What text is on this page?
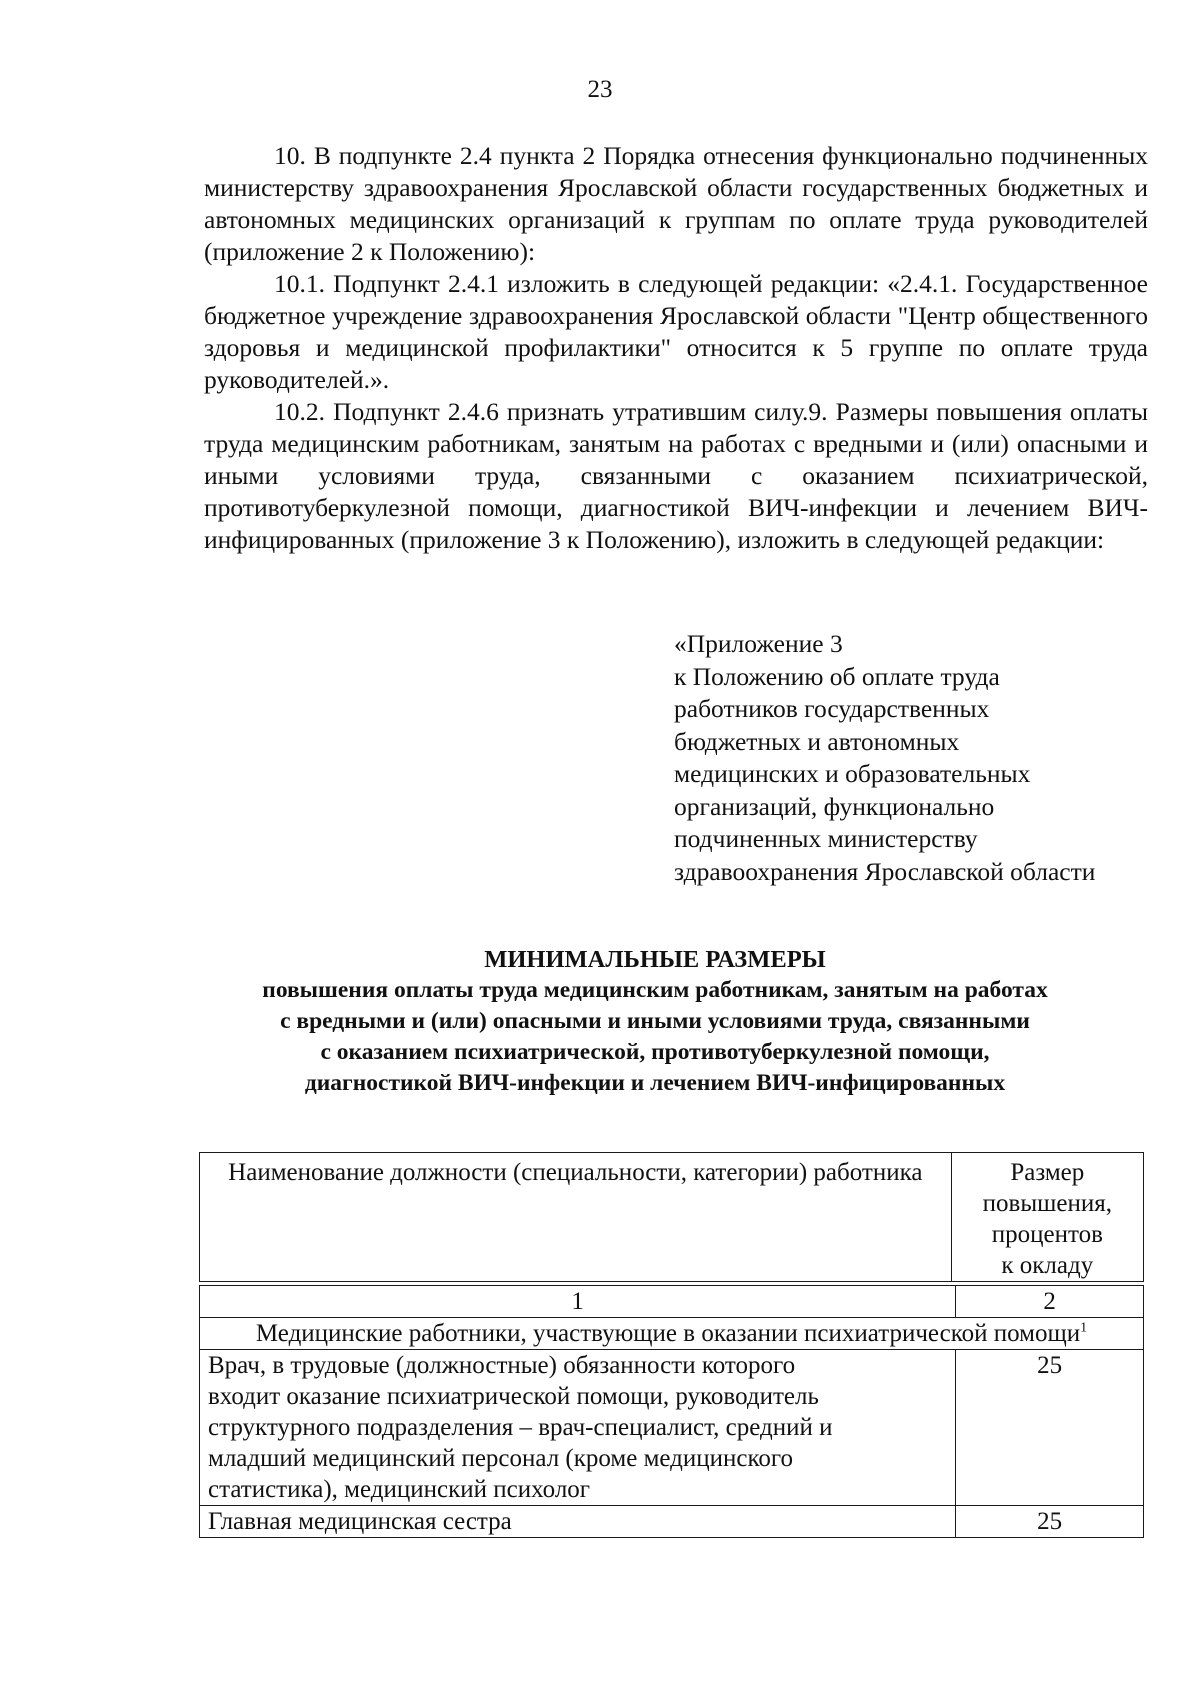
23

10. В подпункте 2.4 пункта 2 Порядка отнесения функционально подчиненных министерству здравоохранения Ярославской области государственных бюджетных и автономных медицинских организаций к группам по оплате труда руководителей (приложение 2 к Положению):

10.1. Подпункт 2.4.1 изложить в следующей редакции: «2.4.1. Государственное бюджетное учреждение здравоохранения Ярославской области "Центр общественного здоровья и медицинской профилактики" относится к 5 группе по оплате труда руководителей.».

10.2. Подпункт 2.4.6 признать утратившим силу.9. Размеры повышения оплаты труда медицинским работникам, занятым на работах с вредными и (или) опасными и иными условиями труда, связанными с оказанием психиатрической, противотуберкулезной помощи, диагностикой ВИЧ-инфекции и лечением ВИЧ-инфицированных (приложение 3 к Положению), изложить в следующей редакции:

«Приложение 3
к Положению об оплате труда
работников государственных
бюджетных и автономных
медицинских и образовательных
организаций, функционально
подчиненных министерству
здравоохранения Ярославской области
МИНИМАЛЬНЫЕ РАЗМЕРЫ
повышения оплаты труда медицинским работникам, занятым на работах
с вредными и (или) опасными и иными условиями труда, связанными
с оказанием психиатрической, противотуберкулезной помощи,
диагностикой ВИЧ-инфекции и лечением ВИЧ-инфицированных
Наименование должности (специальности, категории) работника	Размер
повышения,
процентов
к окладу
1	2
Медицинские работники, участвующие в оказании психиатрической помощи$^1$

Врач, в трудовые (должностные) обязанности которого
входит оказание психиатрической помощи, руководитель
структурного подразделения – врач-специалист, средний и
младший медицинский персонал (кроме медицинского
статистика), медицинский психолог	25

Главная медицинская сестра	25
